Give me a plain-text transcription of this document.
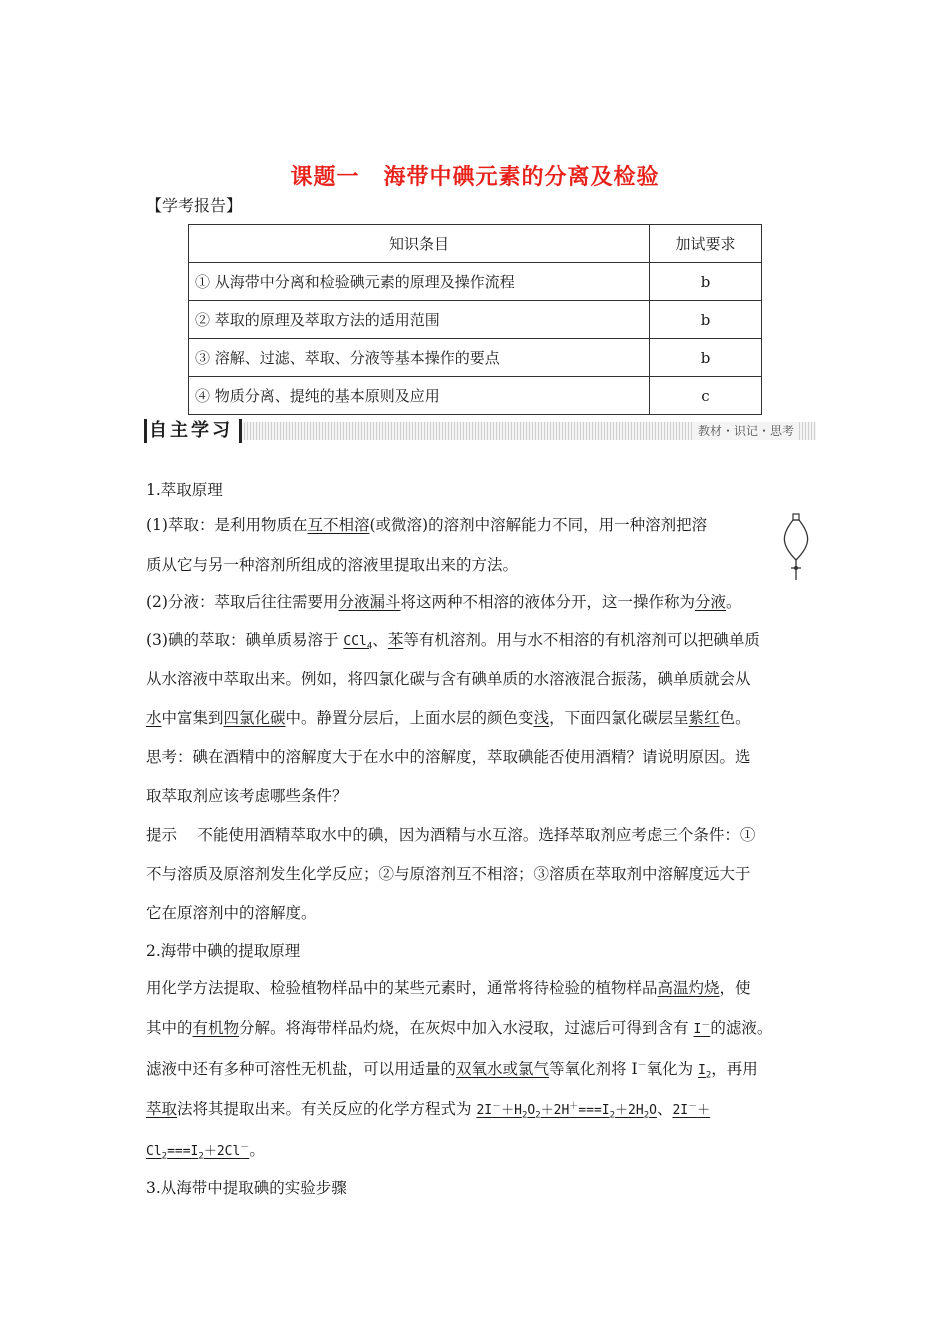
课题一 海带中碘元素的分离及检验
【学考报告】
知识条目	加试要求
① 从海带中分离和检验碘元素的原理及操作流程	b
② 萃取的原理及萃取方法的适用范围	b
③ 溶解、过滤、萃取、分液等基本操作的要点	b
④ 物质分离、提纯的基本原则及应用	c
自主学习	教材・识记・思考
1.萃取原理
(1)萃取：是利用物质在互不相溶(或微溶)的溶剂中溶解能力不同，用一种溶剂把溶
质从它与另一种溶剂所组成的溶液里提取出来的方法。
(2)分液：萃取后往往需要用分液漏斗将这两种不相溶的液体分开，这一操作称为分液。
(3)碘的萃取：碘单质易溶于 CCl$_4$、苯等有机溶剂。用与水不相溶的有机溶剂可以把碘单质
从水溶液中萃取出来。例如，将四氯化碳与含有碘单质的水溶液混合振荡，碘单质就会从
水中富集到四氯化碳中。静置分层后，上面水层的颜色变浅，下面四氯化碳层呈紫红色。
思考：碘在酒精中的溶解度大于在水中的溶解度，萃取碘能否使用酒精？请说明原因。选
取萃取剂应该考虑哪些条件？
提示　 不能使用酒精萃取水中的碘，因为酒精与水互溶。选择萃取剂应考虑三个条件：①
不与溶质及原溶剂发生化学反应；②与原溶剂互不相溶；③溶质在萃取剂中溶解度远大于
它在原溶剂中的溶解度。
2.海带中碘的提取原理
用化学方法提取、检验植物样品中的某些元素时，通常将待检验的植物样品高温灼烧，使
其中的有机物分解。将海带样品灼烧，在灰烬中加入水浸取，过滤后可得到含有 I－的滤液。
滤液中还有多种可溶性无机盐，可以用适量的双氧水或氯气等氧化剂将 I－氧化为 $I_2$，再用
萃取法将其提取出来。有关反应的化学方程式为 $2I^-+H_2O_2+2H^+===I_2+2H_2O$、2I－＋
$Cl_2===I_2+2Cl^-$。
3.从海带中提取碘的实验步骤
